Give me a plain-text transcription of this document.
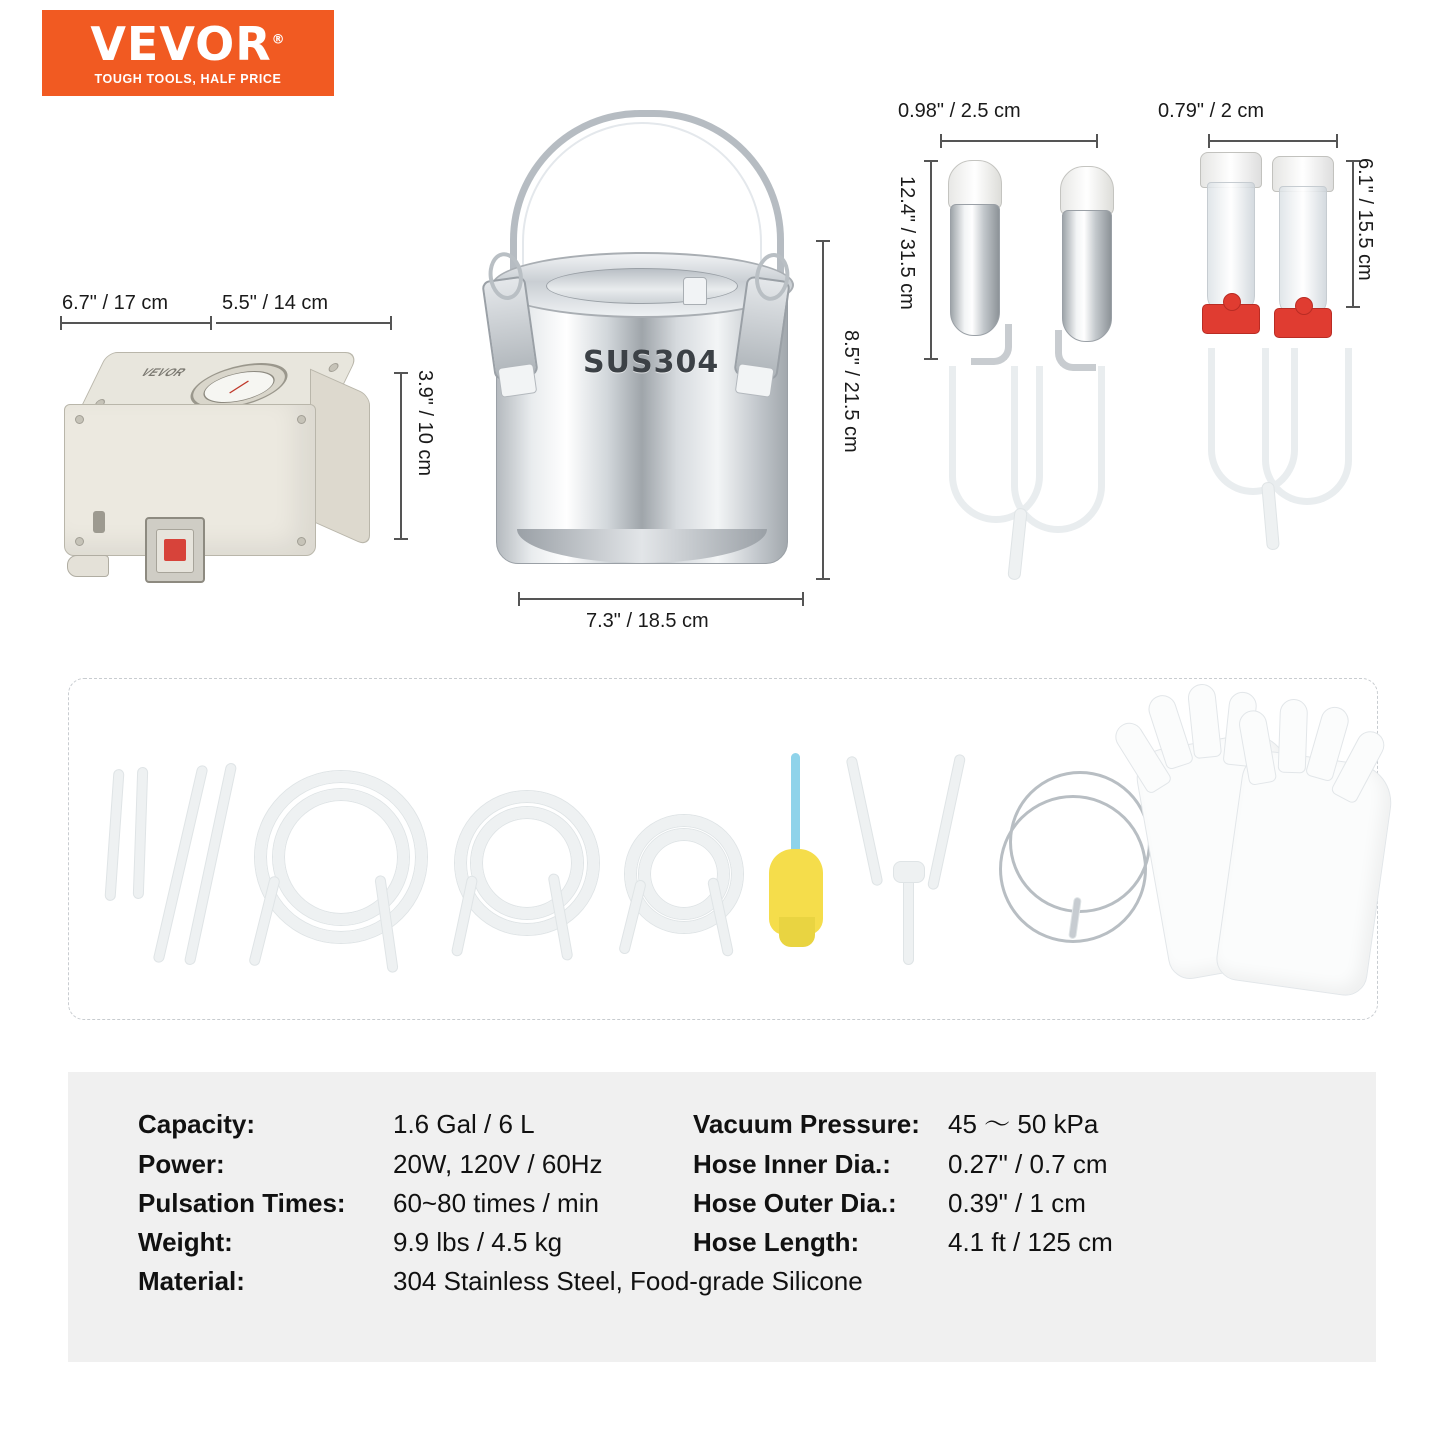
VEVOR®
TOUGH TOOLS, HALF PRICE
VEVOR
6.7" / 17 cm	5.5" / 14 cm
3.9" / 10 cm
SUS304	8.5" / 21.5 cm
7.3" / 18.5 cm
0.98" / 2.5 cm
12.4" / 31.5 cm
0.79" / 2 cm
6.1" / 15.5 cm
Capacity:	1.6 Gal / 6 L	Vacuum Pressure:	45 ～ 50 kPa
Power:	20W, 120V / 60Hz	Hose Inner Dia.:	0.27" / 0.7 cm
Pulsation Times:	60~80 times / min	Hose Outer Dia.:	0.39" / 1 cm
Weight:	9.9 lbs / 4.5 kg	Hose Length:	4.1 ft / 125 cm
Material:	304 Stainless Steel, Food-grade Silicone
